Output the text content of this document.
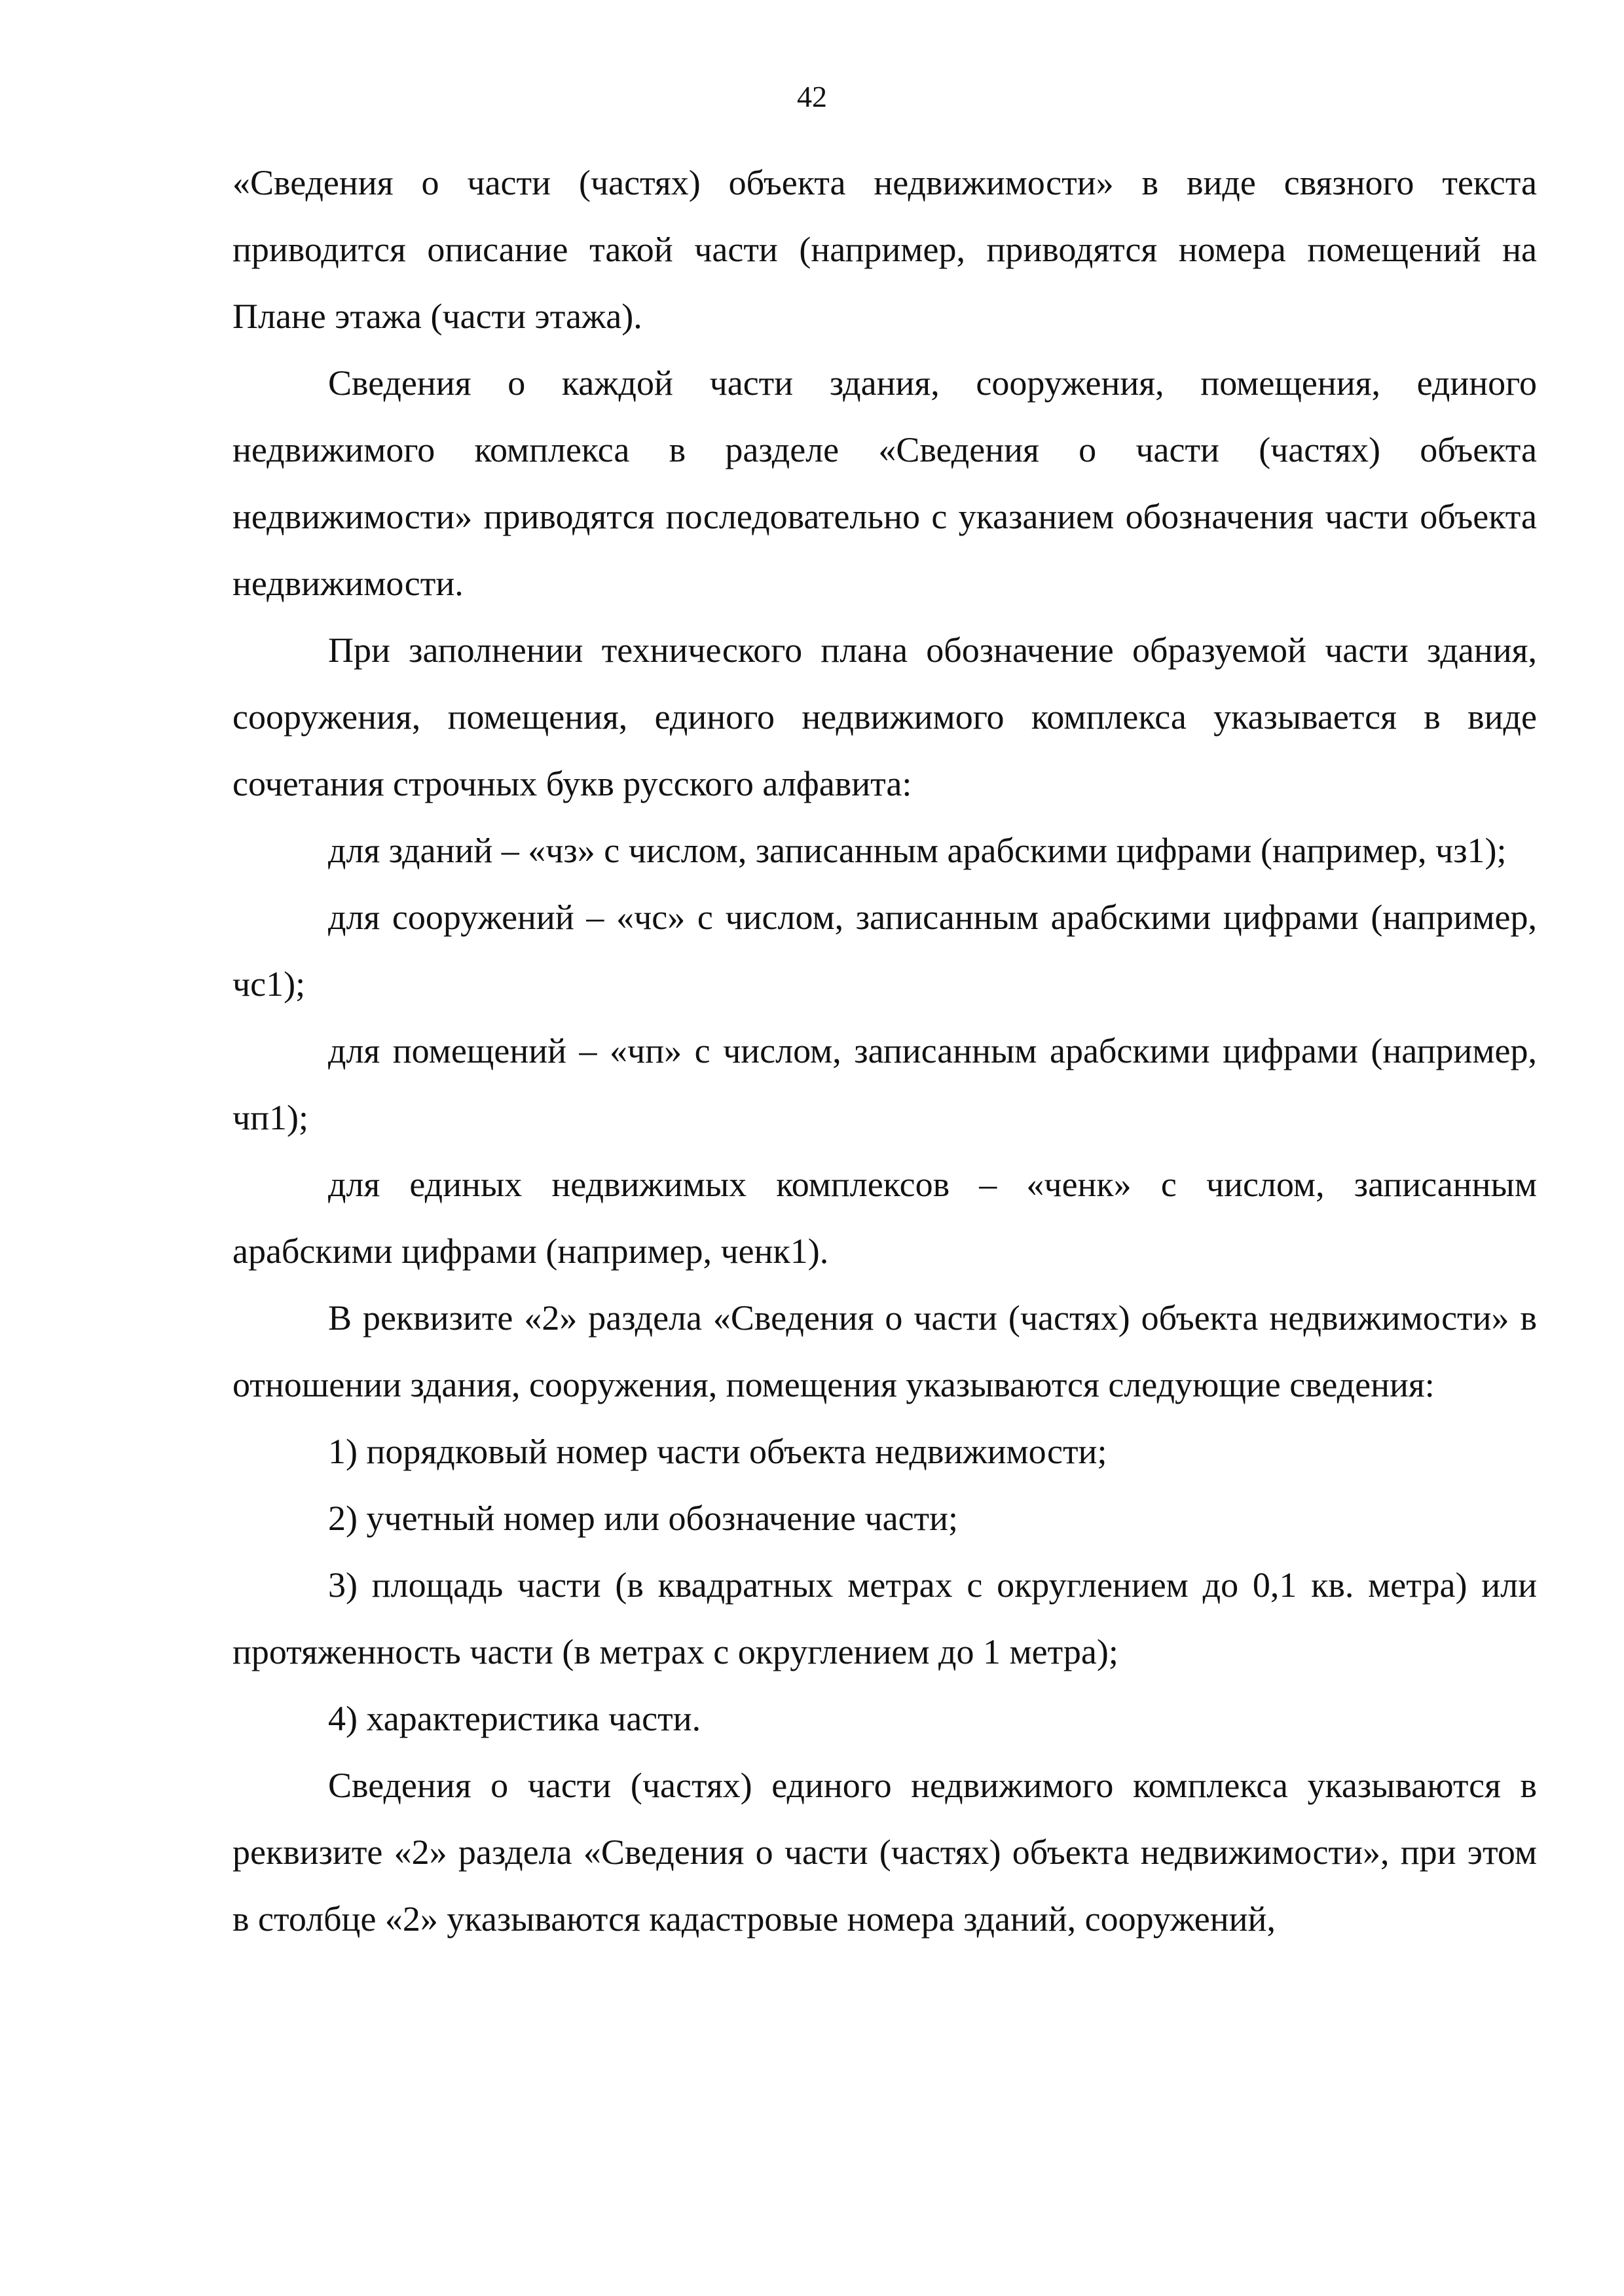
42

«Сведения о части (частях) объекта недвижимости» в виде связного текста приводится описание такой части (например, приводятся номера помещений на Плане этажа (части этажа).

Сведения о каждой части здания, сооружения, помещения, единого недвижимого комплекса в разделе «Сведения о части (частях) объекта недвижимости» приводятся последовательно с указанием обозначения части объекта недвижимости.

При заполнении технического плана обозначение образуемой части здания, сооружения, помещения, единого недвижимого комплекса указывается в виде сочетания строчных букв русского алфавита:

для зданий – «чз» с числом, записанным арабскими цифрами (например, чз1);

для сооружений – «чс» с числом, записанным арабскими цифрами (например, чс1);

для помещений – «чп» с числом, записанным арабскими цифрами (например, чп1);

для единых недвижимых комплексов – «ченк» с числом, записанным арабскими цифрами (например, ченк1).

В реквизите «2» раздела «Сведения о части (частях) объекта недвижимости» в отношении здания, сооружения, помещения указываются следующие сведения:

1) порядковый номер части объекта недвижимости;

2) учетный номер или обозначение части;

3) площадь части (в квадратных метрах с округлением до 0,1 кв. метра) или протяженность части (в метрах с округлением до 1 метра);

4) характеристика части.

Сведения о части (частях) единого недвижимого комплекса указываются в реквизите «2» раздела «Сведения о части (частях) объекта недвижимости», при этом в столбце «2» указываются кадастровые номера зданий, сооружений,
